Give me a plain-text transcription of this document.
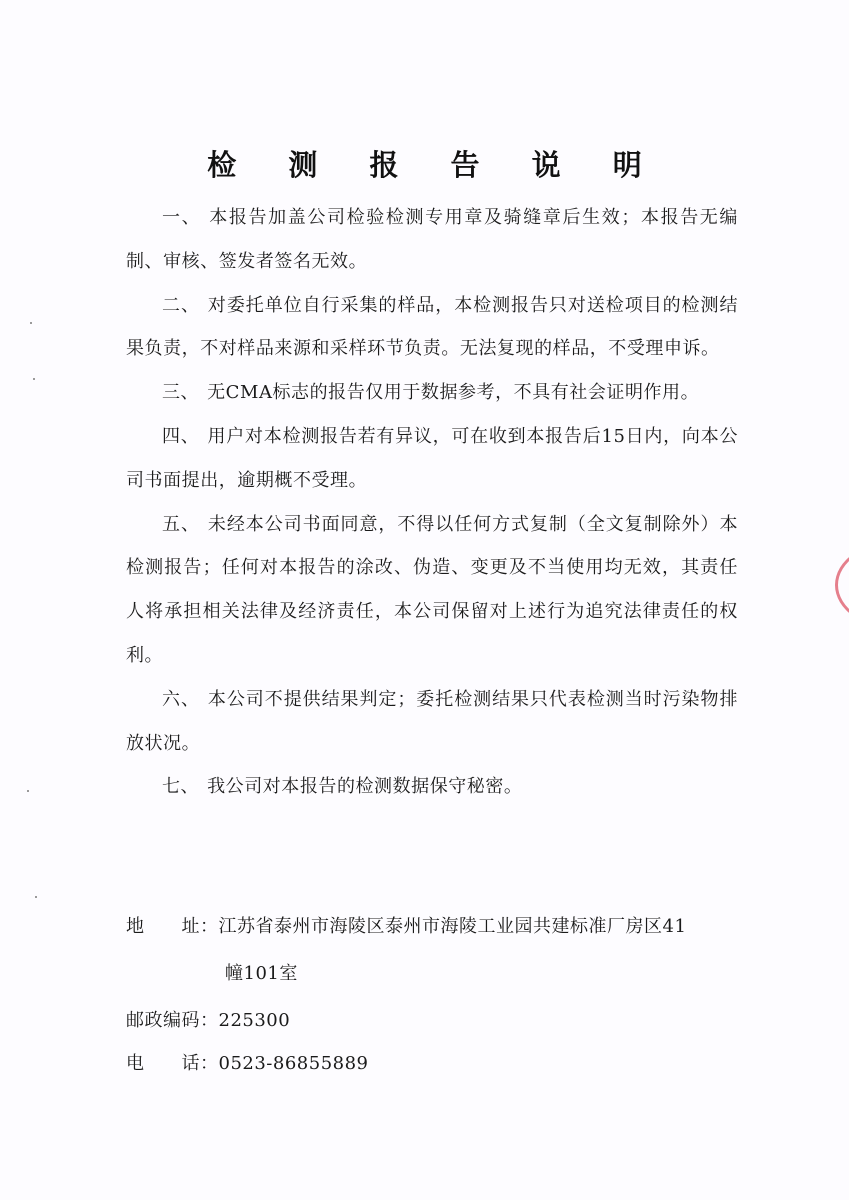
检 测 报 告 说 明

一、 本报告加盖公司检验检测专用章及骑缝章后生效；本报告无编制、审核、签发者签名无效。

二、 对委托单位自行采集的样品，本检测报告只对送检项目的检测结果负责，不对样品来源和采样环节负责。无法复现的样品，不受理申诉。

三、 无CMA标志的报告仅用于数据参考，不具有社会证明作用。

四、 用户对本检测报告若有异议，可在收到本报告后15日内，向本公司书面提出，逾期概不受理。

五、 未经本公司书面同意，不得以任何方式复制（全文复制除外）本检测报告；任何对本报告的涂改、伪造、变更及不当使用均无效，其责任人将承担相关法律及经济责任，本公司保留对上述行为追究法律责任的权利。

六、 本公司不提供结果判定；委托检测结果只代表检测当时污染物排放状况。

七、 我公司对本报告的检测数据保守秘密。

地　　址：江苏省泰州市海陵区泰州市海陵工业园共建标准厂房区41
幢101室
邮政编码：225300
电　　话：0523-86855889
